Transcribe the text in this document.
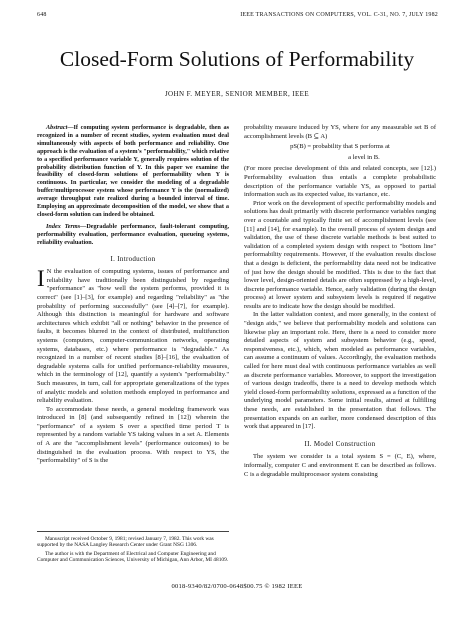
648	IEEE TRANSACTIONS ON COMPUTERS, VOL. C-31, NO. 7, JULY 1982
Closed-Form Solutions of Performability
JOHN F. MEYER, SENIOR MEMBER, IEEE

Abstract—If computing system performance is degradable, then as recognized in a number of recent studies, system evaluation must deal simultaneously with aspects of both performance and reliability. One approach is the evaluation of a system's "performability," which relative to a specified performance variable Y, generally requires solution of the probability distribution function of Y. In this paper we examine the feasibility of closed-form solutions of performability when Y is continuous. In particular, we consider the modeling of a degradable buffer/multiprocessor system whose performance Y is the (normalized) average throughput rate realized during a bounded interval of time. Employing an approximate decomposition of the model, we show that a closed-form solution can indeed be obtained.

Index Terms—Degradable performance, fault-tolerant computing, performability evaluation, performance evaluation, queueing systems, reliability evaluation.

I. Introduction

I N the evaluation of computing systems, issues of performance and reliability have traditionally been distinguished by regarding "performance" as "how well the system performs, provided it is correct" (see [1]–[3], for example) and regarding "reliability" as "the probability of performing successfully" (see [4]–[7], for example). Although this distinction is meaningful for hardware and software architectures which exhibit "all or nothing" behavior in the presence of faults, it becomes blurred in the context of distributed, multifunction systems (computers, computer-communication networks, operating systems, databases, etc.) where performance is "degradable." As recognized in a number of recent studies [8]–[16], the evaluation of degradable systems calls for unified performance-reliability measures, which in the terminology of [12], quantify a system's "performability." Such measures, in turn, call for appropriate generalizations of the types of analytic models and solution methods employed in performance and reliability evaluation.

To accommodate these needs, a general modeling framework was introduced in [8] (and subsequently refined in [12]) wherein the "performance" of a system S over a specified time period T is represented by a random variable YS taking values in a set A. Elements of A are the "accomplishment levels" (performance outcomes) to be distinguished in the evaluation process. With respect to YS, the "performability" of S is the

Manuscript received October 9, 1981; revised January 7, 1982. This work was supported by the NASA Langley Research Center under Grant NSG 1306.

The author is with the Department of Electrical and Computer Engineering and Computer and Communication Sciences, University of Michigan, Ann Arbor, MI 48109.

probability measure induced by YS, where for any measurable set B of accomplishment levels (B ⊆ A)

pS(B) = probability that S performs at

a level in B.

(For more precise development of this and related concepts, see [12].) Performability evaluation thus entails a complete probabilistic description of the performance variable YS, as opposed to partial information such as its expected value, its variance, etc.

Prior work on the development of specific performability models and solutions has dealt primarily with discrete performance variables ranging over a countable and typically finite set of accomplishment levels (see [11] and [14], for example). In the overall process of system design and validation, the use of these discrete variable methods is best suited to validation of a completed system design with respect to "bottom line" performability requirements. However, if the evaluation results disclose that a design is deficient, the performability data need not be indicative of just how the design should be modified. This is due to the fact that lower level, design-oriented details are often suppressed by a high-level, discrete performance variable. Hence, early validation (during the design process) at lower system and subsystem levels is required if negative results are to indicate how the design should be modified.

In the latter validation context, and more generally, in the context of "design aids," we believe that performability models and solutions can likewise play an important role. Here, there is a need to consider more detailed aspects of system and subsystem behavior (e.g., speed, responsiveness, etc.), which, when modeled as performance variables, can assume a continuum of values. Accordingly, the evaluation methods called for here must deal with continuous performance variables as well as discrete performance variables. Moreover, to support the investigation of various design tradeoffs, there is a need to develop methods which yield closed-form performability solutions, expressed as a function of the underlying model parameters. Some initial results, aimed at fulfilling these needs, are established in the presentation that follows. The presentation expands on an earlier, more condensed description of this work that appeared in [17].

II. Model Construction

The system we consider is a total system S = (C, E), where, informally, computer C and environment E can be described as follows. C is a degradable multiprocessor system consisting

0018-9340/82/0700-0648$00.75 © 1982 IEEE
